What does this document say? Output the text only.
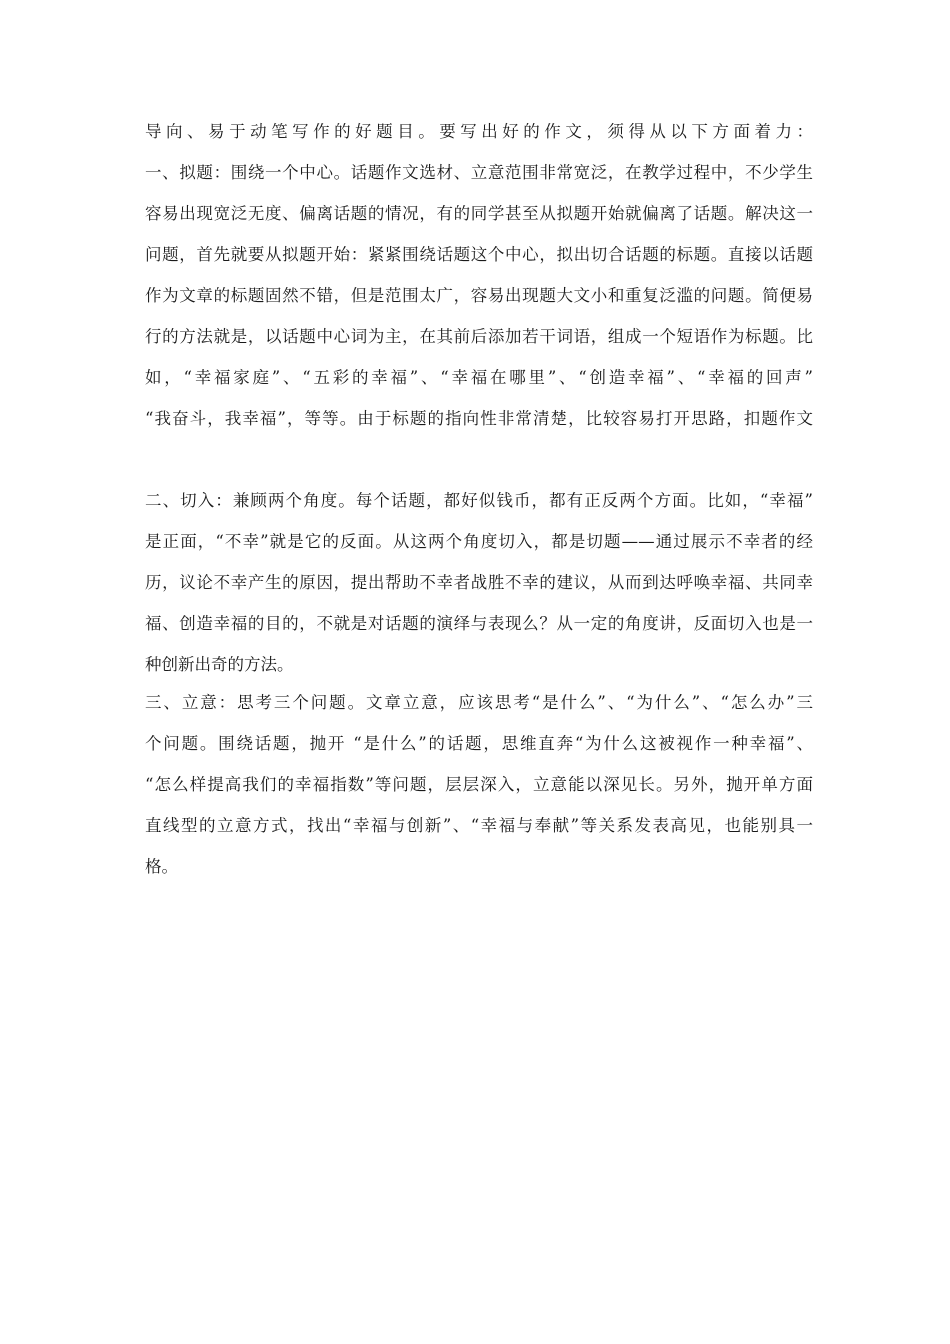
导向、易于动笔写作的好题目。要写出好的作文，须得从以下方面着力：
一、拟题：围绕一个中心。话题作文选材、立意范围非常宽泛，在教学过程中，不少学生
容易出现宽泛无度、偏离话题的情况，有的同学甚至从拟题开始就偏离了话题。解决这一
问题，首先就要从拟题开始：紧紧围绕话题这个中心，拟出切合话题的标题。直接以话题
作为文章的标题固然不错，但是范围太广，容易出现题大文小和重复泛滥的问题。简便易
行的方法就是，以话题中心词为主，在其前后添加若干词语，组成一个短语作为标题。比
如，“幸福家庭”、“五彩的幸福”、“幸福在哪里”、“创造幸福”、“幸福的回声”
“我奋斗，我幸福”，等等。由于标题的指向性非常清楚，比较容易打开思路，扣题作文
二、切入：兼顾两个角度。每个话题，都好似钱币，都有正反两个方面。比如，“幸福”
是正面，“不幸”就是它的反面。从这两个角度切入，都是切题——通过展示不幸者的经
历，议论不幸产生的原因，提出帮助不幸者战胜不幸的建议，从而到达呼唤幸福、共同幸
福、创造幸福的目的，不就是对话题的演绎与表现么？从一定的角度讲，反面切入也是一
种创新出奇的方法。
三、立意：思考三个问题。文章立意，应该思考“是什么”、“为什么”、“怎么办”三
个问题。围绕话题，抛开 “是什么”的话题，思维直奔“为什么这被视作一种幸福”、
“怎么样提高我们的幸福指数”等问题，层层深入，立意能以深见长。另外，抛开单方面
直线型的立意方式，找出“幸福与创新”、“幸福与奉献”等关系发表高见，也能别具一
格。
